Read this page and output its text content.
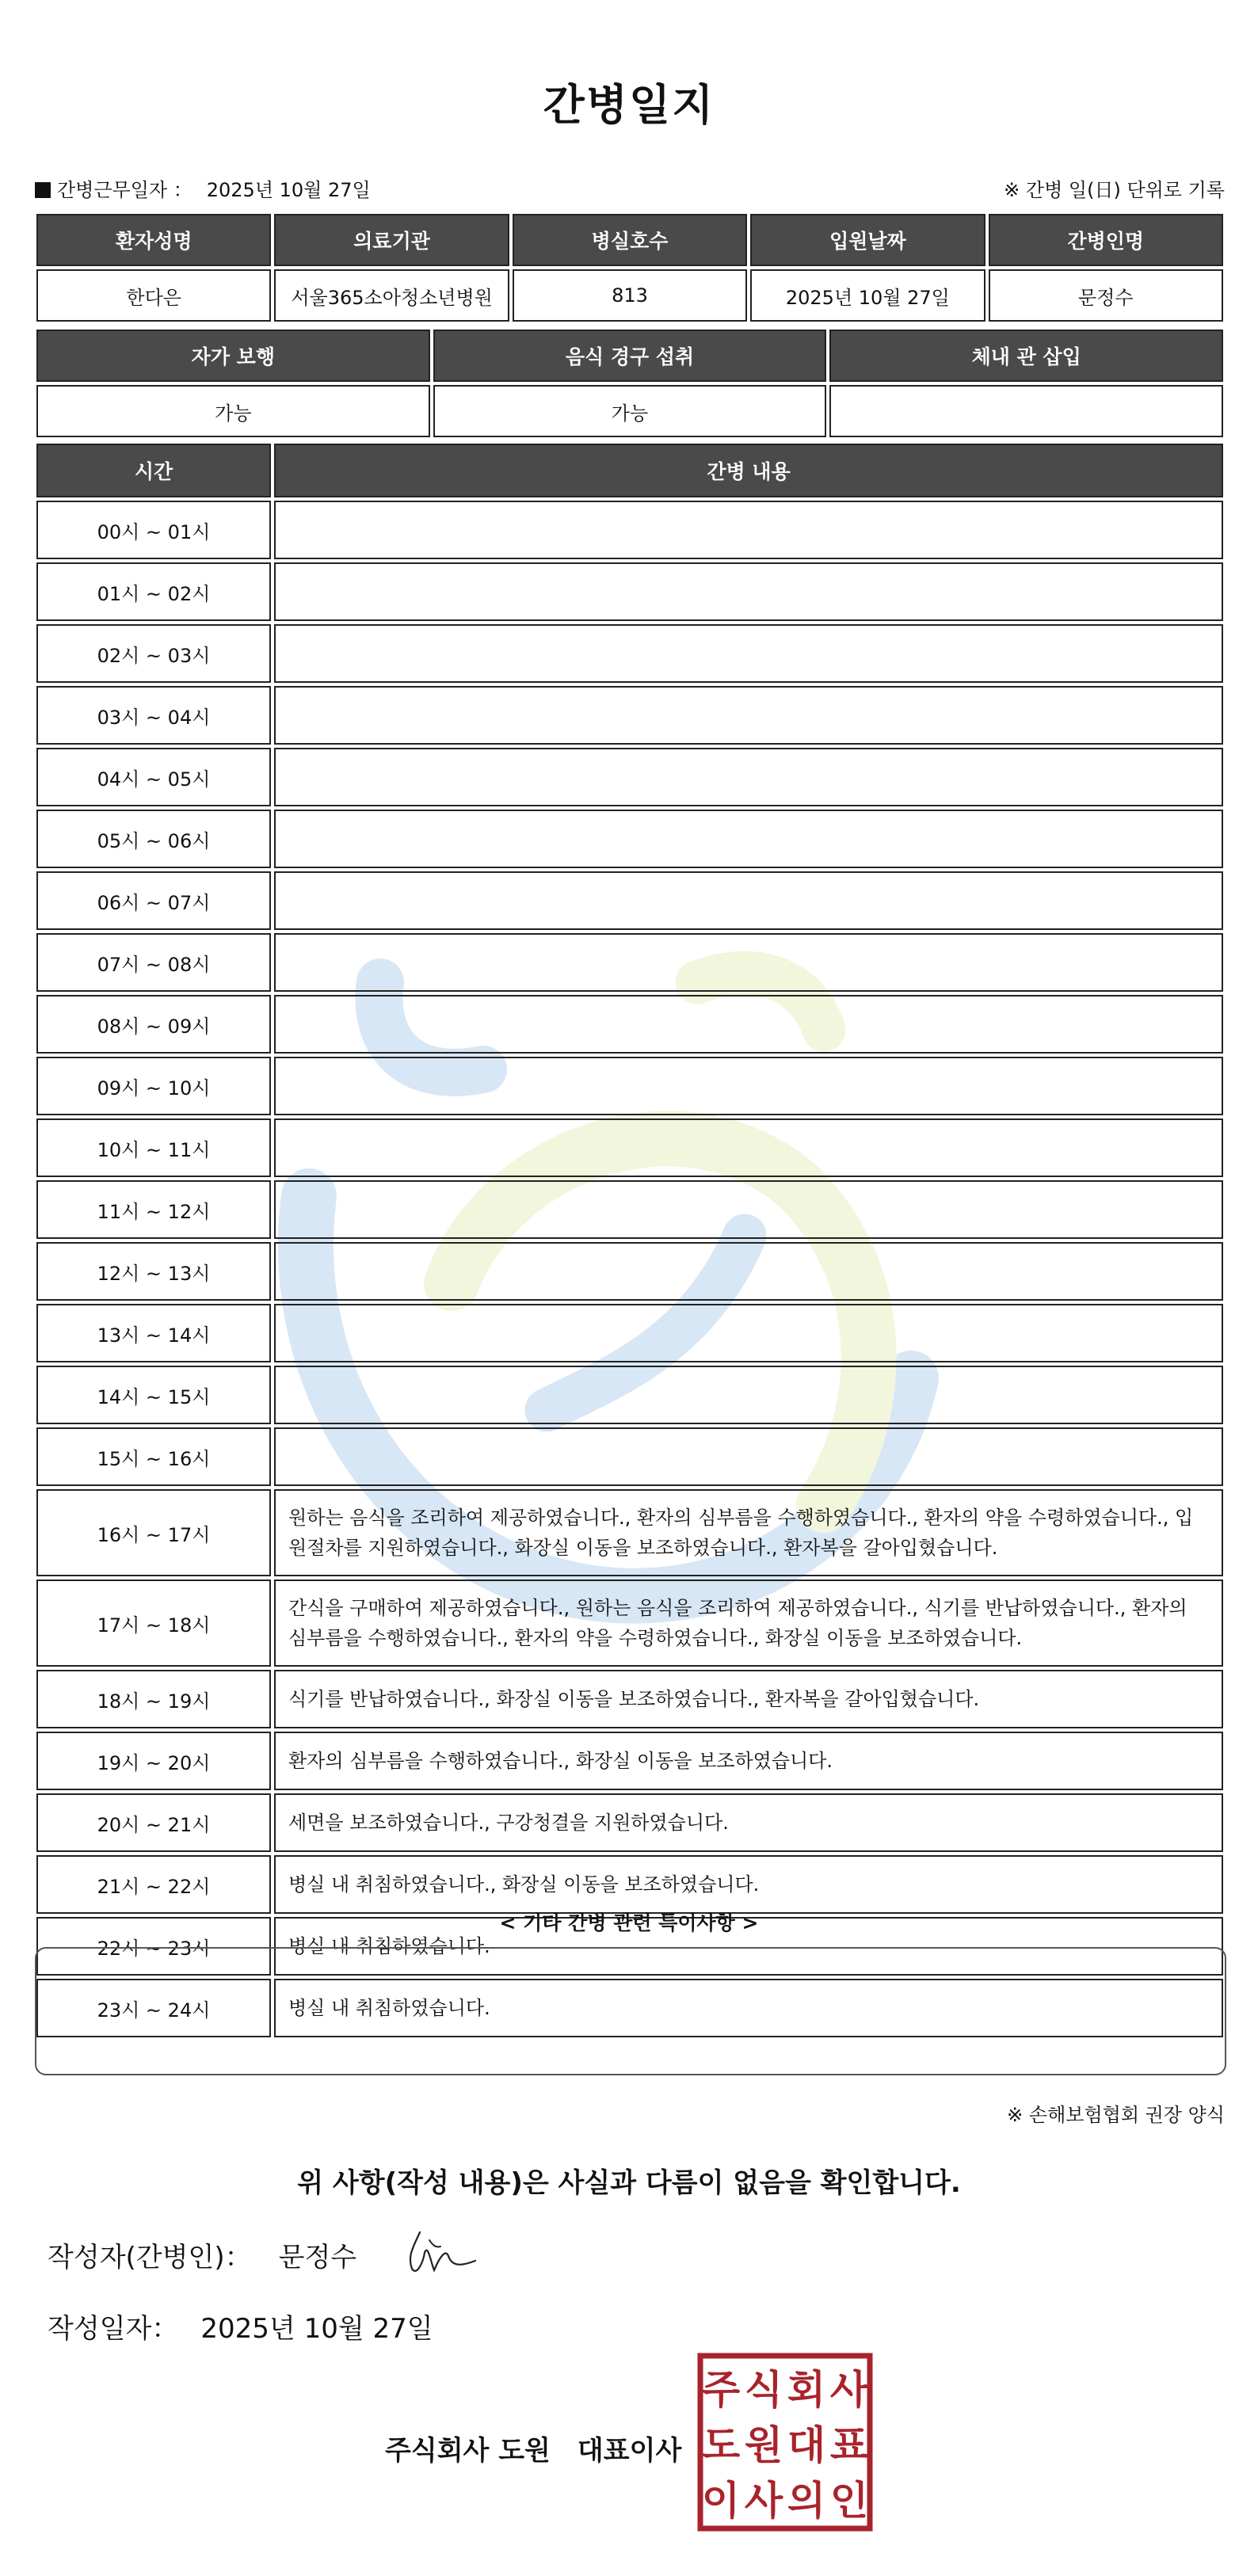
간병일지
간병근무일자 ： 2025년 10월 27일	※ 간병 일(日) 단위로 기록
환자성명	의료기관	병실호수	입원날짜	간병인명
한다은	서울365소아청소년병원	813	2025년 10월 27일	문정수
자가 보행	음식 경구 섭취	체내 관 삽입
가능	가능	
시간	간병 내용
00시 ~ 01시	
01시 ~ 02시	
02시 ~ 03시	
03시 ~ 04시	
04시 ~ 05시	
05시 ~ 06시	
06시 ~ 07시	
07시 ~ 08시	
08시 ~ 09시	
09시 ~ 10시	
10시 ~ 11시	
11시 ~ 12시	
12시 ~ 13시	
13시 ~ 14시	
14시 ~ 15시	
15시 ~ 16시	
16시 ~ 17시	원하는 음식을 조리하여 제공하였습니다., 환자의 심부름을 수행하였습니다., 환자의 약을 수령하였습니다., 입원절차를 지원하였습니다., 화장실 이동을 보조하였습니다., 환자복을 갈아입혔습니다.
17시 ~ 18시	간식을 구매하여 제공하였습니다., 원하는 음식을 조리하여 제공하였습니다., 식기를 반납하였습니다., 환자의 심부름을 수행하였습니다., 환자의 약을 수령하였습니다., 화장실 이동을 보조하였습니다.
18시 ~ 19시	식기를 반납하였습니다., 화장실 이동을 보조하였습니다., 환자복을 갈아입혔습니다.
19시 ~ 20시	환자의 심부름을 수행하였습니다., 화장실 이동을 보조하였습니다.
20시 ~ 21시	세면을 보조하였습니다., 구강청결을 지원하였습니다.
21시 ~ 22시	병실 내 취침하였습니다., 화장실 이동을 보조하였습니다.
22시 ~ 23시	병실 내 취침하였습니다.
23시 ~ 24시	병실 내 취침하였습니다.
< 기타 간병 관련 특이사항 >
※ 손해보험협회 권장 양식
위 사항(작성 내용)은 사실과 다름이 없음을 확인합니다.
작성자(간병인)： 문정수
작성일자： 2025년 10월 27일
주식회사 도원 대표이사
주 식 회 사
도 원 대 표
이 사 의 인
